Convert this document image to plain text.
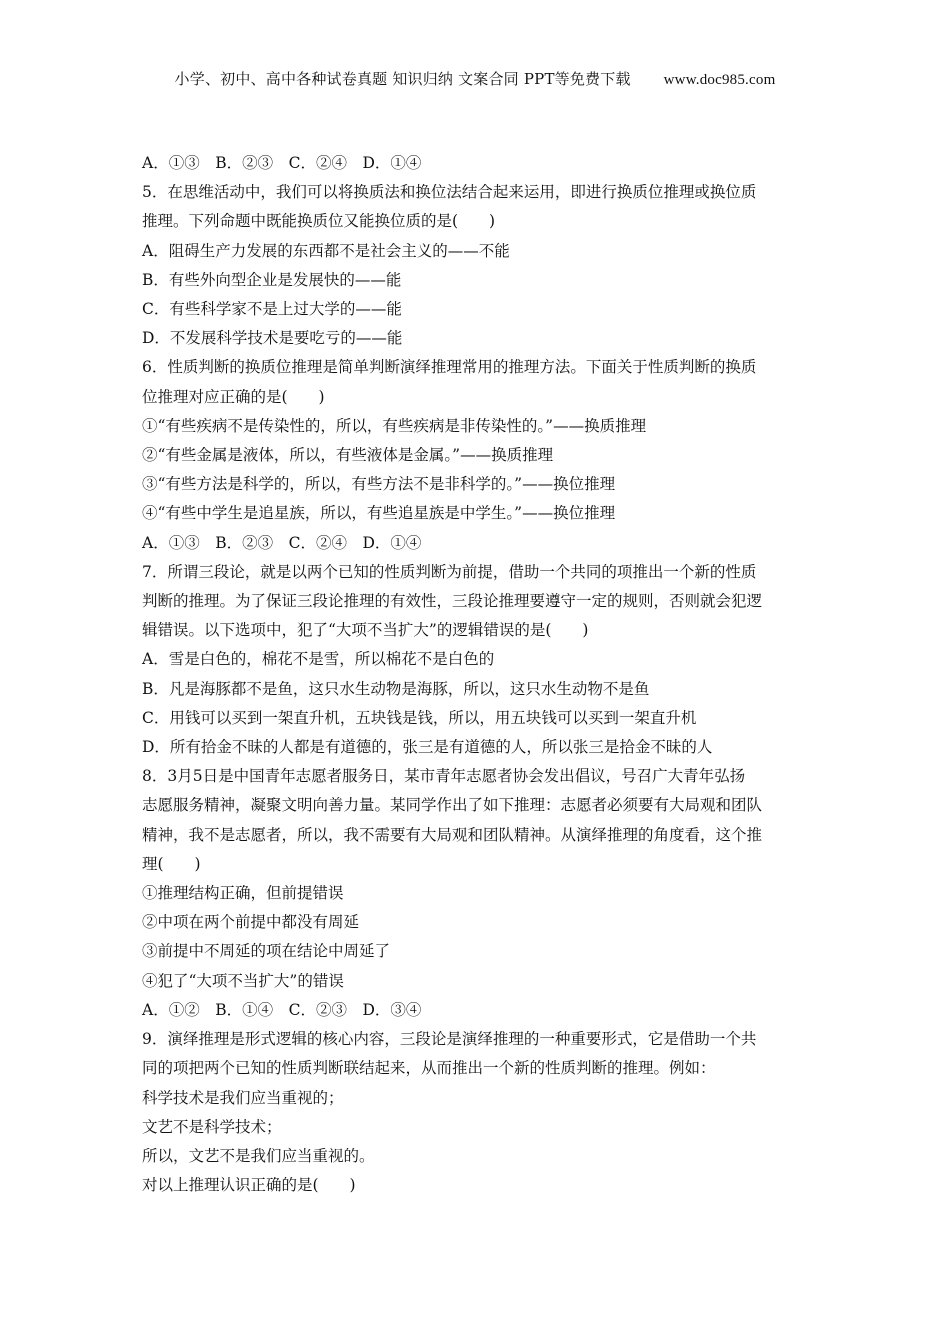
小学、初中、高中各种试卷真题 知识归纳 文案合同 PPT等免费下载 www.doc985.com
A．①③　B．②③　C．②④　D．①④
5．在思维活动中，我们可以将换质法和换位法结合起来运用，即进行换质位推理或换位质
推理。下列命题中既能换质位又能换位质的是(　　)
A．阻碍生产力发展的东西都不是社会主义的——不能
B．有些外向型企业是发展快的——能
C．有些科学家不是上过大学的——能
D．不发展科学技术是要吃亏的——能
6．性质判断的换质位推理是简单判断演绎推理常用的推理方法。下面关于性质判断的换质
位推理对应正确的是(　　)
①“有些疾病不是传染性的，所以，有些疾病是非传染性的。”——换质推理
②“有些金属是液体，所以，有些液体是金属。”——换质推理
③“有些方法是科学的，所以，有些方法不是非科学的。”——换位推理
④“有些中学生是追星族，所以，有些追星族是中学生。”——换位推理
A．①③　B．②③　C．②④　D．①④
7．所谓三段论，就是以两个已知的性质判断为前提，借助一个共同的项推出一个新的性质
判断的推理。为了保证三段论推理的有效性，三段论推理要遵守一定的规则，否则就会犯逻
辑错误。以下选项中，犯了“大项不当扩大”的逻辑错误的是(　　)
A．雪是白色的，棉花不是雪，所以棉花不是白色的
B．凡是海豚都不是鱼，这只水生动物是海豚，所以，这只水生动物不是鱼
C．用钱可以买到一架直升机，五块钱是钱，所以，用五块钱可以买到一架直升机
D．所有拾金不昧的人都是有道德的，张三是有道德的人，所以张三是拾金不昧的人
8．3月5日是中国青年志愿者服务日，某市青年志愿者协会发出倡议，号召广大青年弘扬
志愿服务精神，凝聚文明向善力量。某同学作出了如下推理：志愿者必须要有大局观和团队
精神，我不是志愿者，所以，我不需要有大局观和团队精神。从演绎推理的角度看，这个推
理(　　)
①推理结构正确，但前提错误
②中项在两个前提中都没有周延
③前提中不周延的项在结论中周延了
④犯了“大项不当扩大”的错误
A．①②　B．①④　C．②③　D．③④
9．演绎推理是形式逻辑的核心内容，三段论是演绎推理的一种重要形式，它是借助一个共
同的项把两个已知的性质判断联结起来，从而推出一个新的性质判断的推理。例如：
科学技术是我们应当重视的；
文艺不是科学技术；
所以，文艺不是我们应当重视的。
对以上推理认识正确的是(　　)
